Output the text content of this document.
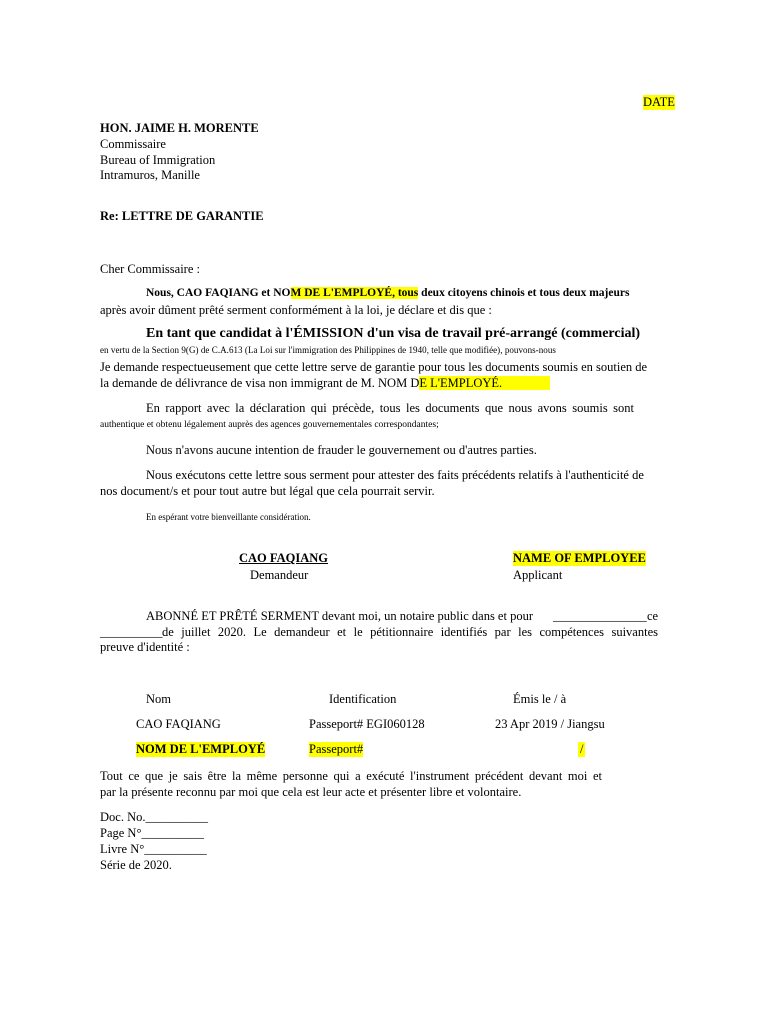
DATE
HON. JAIME H. MORENTE
Commissaire
Bureau of Immigration
Intramuros, Manille
Re: LETTRE DE GARANTIE
Cher Commissaire :
Nous, CAO FAQIANG et NOM DE L'EMPLOYÉ, tous deux citoyens chinois et tous deux majeurs
après avoir dûment prêté serment conformément à la loi, je déclare et dis que :
En tant que candidat à l'ÉMISSION d'un visa de travail pré-arrangé (commercial)
en vertu de la Section 9(G) de C.A.613 (La Loi sur l'immigration des Philippines de 1940, telle que modifiée), pouvons-nous
Je demande respectueusement que cette lettre serve de garantie pour tous les documents soumis en soutien de
la demande de délivrance de visa non immigrant de M. NOM DE L'EMPLOYÉ.
En rapport avec la déclaration qui précède, tous les documents que nous avons soumis sont
authentique et obtenu légalement auprès des agences gouvernementales correspondantes;
Nous n'avons aucune intention de frauder le gouvernement ou d'autres parties.
Nous exécutons cette lettre sous serment pour attester des faits précédents relatifs à l'authenticité de
nos document/s et pour tout autre but légal que cela pourrait servir.
En espérant votre bienveillante considération.
CAO FAQIANG
Demandeur
NAME OF EMPLOYEE
Applicant
ABONNÉ ET PRÊTÉ SERMENT devant moi, un notaire public dans et pour _______________ ce
__________ de juillet 2020. Le demandeur et le pétitionnaire identifiés par les compétences suivantes
preuve d'identité :
Nom	Identification	Émis le / à
CAO FAQIANG	Passeport# EGI060128	23 Apr 2019 / Jiangsu
NOM DE L'EMPLOYÉ	Passeport#	/
Tout ce que je sais être la même personne qui a exécuté l'instrument précédent devant moi et
par la présente reconnu par moi que cela est leur acte et présenter libre et volontaire.
Doc. No.__________
Page N°__________
Livre N°__________
Série de 2020.
